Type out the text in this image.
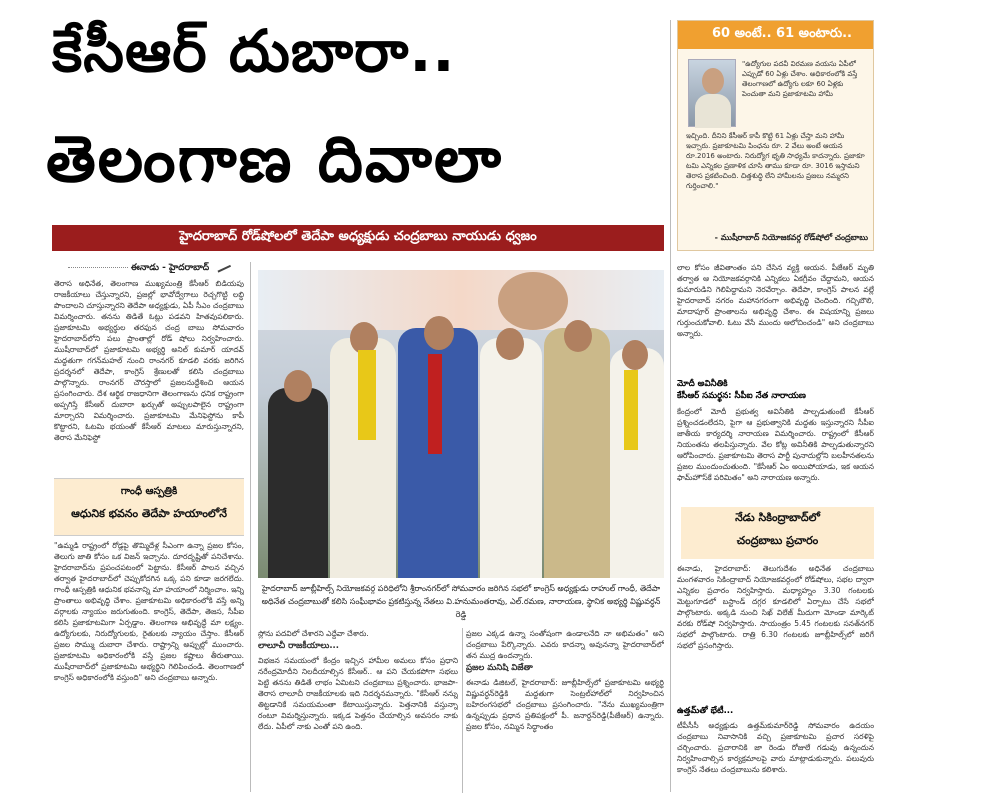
కేసీఆర్ దుబారా..
తెలంగాణ దివాలా
హైదరాబాద్ రోడ్‌షోలలో తెదేపా అధ్యక్షుడు చంద్రబాబు నాయుడు ధ్వజం
60 అంటే.. 61 అంటారు..
"ఉద్యోగుల పదవీ విరమణ వయసు ఏపీలో ఎప్పుడో 60 ఏళ్లు చేశాం. అధికారంలోకి వస్తే తెలంగాణలో ఉద్యోగు లకూ 60 ఏళ్లకు పెంచుతా మని ప్రజాకూటమి హామీ
ఇచ్చింది. దీనిని కేసీఆర్ కాపీ కొట్టి 61 ఏళ్లు చేస్తా మని హామీ ఇచ్చారు. ప్రజాకూటమి పింఛను రూ. 2 వేలు అంటే ఆయన రూ.2016 అంటారు. నిరుద్యోగ భృతి సాధ్యమే కాదన్నారు. ప్రజాకూ టమి ఎన్నికల ప్రణాళిక చూసి తాము కూడా రూ. 3016 ఇస్తామని తెరాస ప్రకటించింది. చిత్తశుద్ధి లేని హామీలను ప్రజలు నమ్మరని గుర్తించాలి."
- ముషీరాబాద్ నియోజకవర్గ రోడ్‌షోలో చంద్రబాబు
ఈనాడు - హైదరాబాద్
తెరాస అధినేత, తెలంగాణ ముఖ్యమంత్రి కేసీఆర్ బిడియపు రాజకీయాలు చేస్తున్నారని, ప్రజల్లో భావోద్వేగాలు రెచ్చగొట్టి లబ్ధి పొందాలని చూస్తున్నారని తెదేపా అధ్యక్షుడు, ఏపీ సీఎం చంద్రబాబు విమర్శించారు. తనను తిడితే ఓట్లు పడవని హితవుపలికారు. ప్రజాకూటమి అభ్యర్థుల తరఫున చంద్ర బాబు సోమవారం హైదరాబాద్‌లోని పలు ప్రాంతాల్లో రోడ్ షోలు నిర్వహించారు. ముషీరాబాద్‌లో ప్రజాకూటమి అభ్యర్థి అనిల్ కుమార్ యాదవ్ మద్దతుగా గగన్‌మహల్ నుంచి రాంనగర్ కూడలి వరకు జరిగిన ప్రదర్శనలో తెదేపా, కాంగ్రెస్ శ్రేణులతో కలిసి చంద్రబాబు పాల్గొన్నారు. రాంనగర్ చౌరస్తాలో ప్రజలనుద్దేశించి ఆయన ప్రసంగించారు. దేశ ఆర్థిక రాజధానిగా తెలంగాణను ధనిక రాష్ట్రంగా అప్పగిస్తే కేసీఆర్ దుబారా ఖర్చుతో అప్పులపాలైన రాష్ట్రంగా మార్చారని విమర్శించారు. ప్రజాకూటమి మేనిఫెస్టోను కాపీ కొట్టారని, ఓటమి భయంతో కేసీఆర్ మాటలు మారుస్తున్నారని, తెరాస మేనిఫెస్టో
గాంధీ ఆస్పత్రికి
ఆధునిక భవనం తెదేపా హయాంలోనే
"ఉమ్మడి రాష్ట్రంలో రోడ్లపై తొమ్మిదేళ్ల సీఎంగా ఉన్నా ప్రజల కోసం, తెలుగు జాతి కోసం ఒక విజన్ ఇచ్చాను. దూరదృష్టితో పనిచేశాను. హైదరాబాద్‌ను ప్రపంచపటంలో పెట్టాను. కేసీఆర్ పాలన వచ్చిన తర్వాత హైదరాబాద్‌లో చెప్పుకోదగిన ఒక్క పని కూడా జరగలేదు. గాంధీ ఆస్పత్రికి ఆధునిక భవనాన్ని మా హయాంలో నిర్మించాం. ఇన్ని ప్రాంతాలు అభివృద్ధి చేశాం. ప్రజాకూటమి అధికారంలోకి వస్తే అన్ని వర్గాలకు న్యాయం జరుగుతుంది. కాంగ్రెస్, తెదేపా, తెజస, సీపీఐ కలిసి ప్రజాకూటమిగా ఏర్పడ్డాం. తెలంగాణ అభివృద్ధే మా లక్ష్యం. ఉద్యోగులకు, నిరుద్యోగులకు, రైతులకు న్యాయం చేస్తాం. కేసీఆర్ ప్రజల సొమ్ము దుబారా చేశారు. రాష్ట్రాన్ని అప్పుల్లో ముంచారు. ప్రజాకూటమి అధికారంలోకి వస్తే ప్రజల కష్టాలు తీరుతాయి. ముషీరాబాద్‌లో ప్రజాకూటమి అభ్యర్థిని గెలిపించండి. తెలంగాణలో కాంగ్రెస్ అధికారంలోకి వస్తుంది" అని చంద్రబాబు అన్నారు.
హైదరాబాద్ జూబ్లీహిల్స్ నియోజకవర్గ పరిధిలోని శ్రీరాంనగర్‌లో సోమవారం జరిగిన సభలో కాంగ్రెస్ అధ్యక్షుడు రాహుల్ గాంధీ, తెదేపా అధినేత చంద్రబాబుతో కలిసి సంఘీభావం ప్రకటిస్తున్న నేతలు వి.హనుమంతరావు, ఎల్.రమణ, నారాయణ, స్థానిక అభ్యర్థి విష్ణువర్ధన్ రెడ్డి

స్లోను పదవిలో చేశారని ఎద్దేవా చేశారు.

లాలూచీ రాజకీయాలు...

విభజన సమయంలో కేంద్రం ఇచ్చిన హామీల అమలు కోసం ప్రధాని నరేంద్రమోదీని నిలదీయాల్సిన కేసీఆర్.. ఆ పని చేయకపోగా సభలు పెట్టి తనను తిడితే లాభం ఏమిటని చంద్రబాబు ప్రశ్నించారు. భాజపా-తెరాస లాలూచీ రాజకీయాలకు ఇది నిదర్శనమన్నారు. "కేసీఆర్ నన్ను తిట్టడానికే సమయమంతా కేటాయిస్తున్నారు. పెత్తనానికి వస్తున్నా రంటూ విమర్శిస్తున్నారు. ఇక్కడ పెత్తనం చేయాల్సిన అవసరం నాకు లేదు. ఏపీలో నాకు ఎంతో పని ఉంది.

ప్రజల ఎక్కడ ఉన్నా సంతోషంగా ఉండాలనేది నా అభిమతం" అని చంద్రబాబు పేర్కొన్నారు. ఎవరు కాదన్నా అవునన్నా హైదరాబాద్‌లో తన ముద్ర ఉందన్నారు.

ప్రజల మనిషి విజేతా

ఈనాడు డిజిటల్, హైదరాబాద్: జూబ్లీహిల్స్‌లో ప్రజాకూటమి అభ్యర్థి విష్ణువర్ధన్‌రెడ్డికి మద్దతుగా సెంట్రల్‌హాల్‌లో నిర్వహించిన బహిరంగసభలో చంద్రబాబు ప్రసంగించారు. "నేను ముఖ్యమంత్రిగా ఉన్నప్పుడు ప్రధాన ప్రతిపక్షంలో పీ. జనార్దన్‌రెడ్డి(పీజేఆర్) ఉన్నారు. ప్రజల కోసం, నమ్మిన సిద్ధాంతం

లాల కోసం జీవితాంతం పని చేసిన వ్యక్తి ఆయన. పీజేఆర్ మృతి తర్వాత ఆ నియోజకవర్గానికి ఎన్నికలు ఏకగ్రీవం చేద్దామని, ఆయన కుమారుడిని గెలిపిద్దామని నెరవేర్చాం. తెదేపా, కాంగ్రెస్ పాలన వల్లే హైదరాబాద్ నగరం మహానగరంగా అభివృద్ధి చెందింది. గచ్చిబౌలి, మాదాపూర్ ప్రాంతాలను అభివృద్ధి చేశాం. ఈ విషయాన్ని ప్రజలు గుర్తుంచుకోవాలి. ఓటు వేసే ముందు ఆలోచించండి" అని చంద్రబాబు అన్నారు.
మోదీ అవినీతికి
కేసీఆర్ సమర్థన: సీపీఐ నేత నారాయణ
కేంద్రంలో మోదీ ప్రభుత్వ అవినీతికి పాల్పడుతుంటే కేసీఆర్ ప్రశ్నించడంలేదని, పైగా ఆ ప్రభుత్వానికి మద్దతు ఇస్తున్నారని సీపీఐ జాతీయ కార్యదర్శి నారాయణ విమర్శించారు. రాష్ట్రంలో కేసీఆర్ నియంతను తలపిస్తున్నారు. వేల కోట్ల అవినీతికి పాల్పడుతున్నారని ఆరోపించారు. ప్రజాకూటమి తెరాస పార్టీ పునాదుల్లోని బలహీనతలను ప్రజల ముందుంచుతుంది. "కేసీఆర్ ఏం అయిపోయాడు, ఇక ఆయన ఫామ్‌హౌస్‌కే పరిమితం" అని నారాయణ అన్నారు.
నేడు సికింద్రాబాద్‌లో
చంద్రబాబు ప్రచారం
ఈనాడు, హైదరాబాద్: తెలుగుదేశం అధినేత చంద్రబాబు మంగళవారం సికింద్రాబాద్ నియోజకవర్గంలో రోడ్‌షోలు, సభల ద్వారా ఎన్నికల ప్రచారం నిర్వహిస్తారు. మధ్యాహ్నం 3.30 గంటలకు మెట్టుగూడలో బస్టాండ్ దగ్గర కూడలిలో ఏర్పాటు చేసే సభలో పాల్గొంటారు. అక్కడి నుంచి సిఖ్ విలేజ్ మీదుగా మోండా మార్కెట్ వరకు రోడ్‌షో నిర్వహిస్తారు. సాయంత్రం 5.45 గంటలకు సనత్‌నగర్ సభలో పాల్గొంటారు. రాత్రి 6.30 గంటలకు జూబ్లీహిల్స్‌లో జరిగే సభలో ప్రసంగిస్తారు.
ఉత్తమ్‌తో భేటీ...
టీపీసీసీ అధ్యక్షుడు ఉత్తమ్‌కుమార్‌రెడ్డి సోమవారం ఉదయం చంద్రబాబు నివాసానికి వచ్చి ప్రజాకూటమి ప్రచార సరళిపై చర్చించారు. ప్రచారానికి జా రెండు రోజులే గడువు ఉన్నందున నిర్వహించాల్సిన కార్యక్రమాలపై వారు మాట్లాడుకున్నారు. పలువురు కాంగ్రెస్ నేతలు చంద్రబాబును కలిశారు.
